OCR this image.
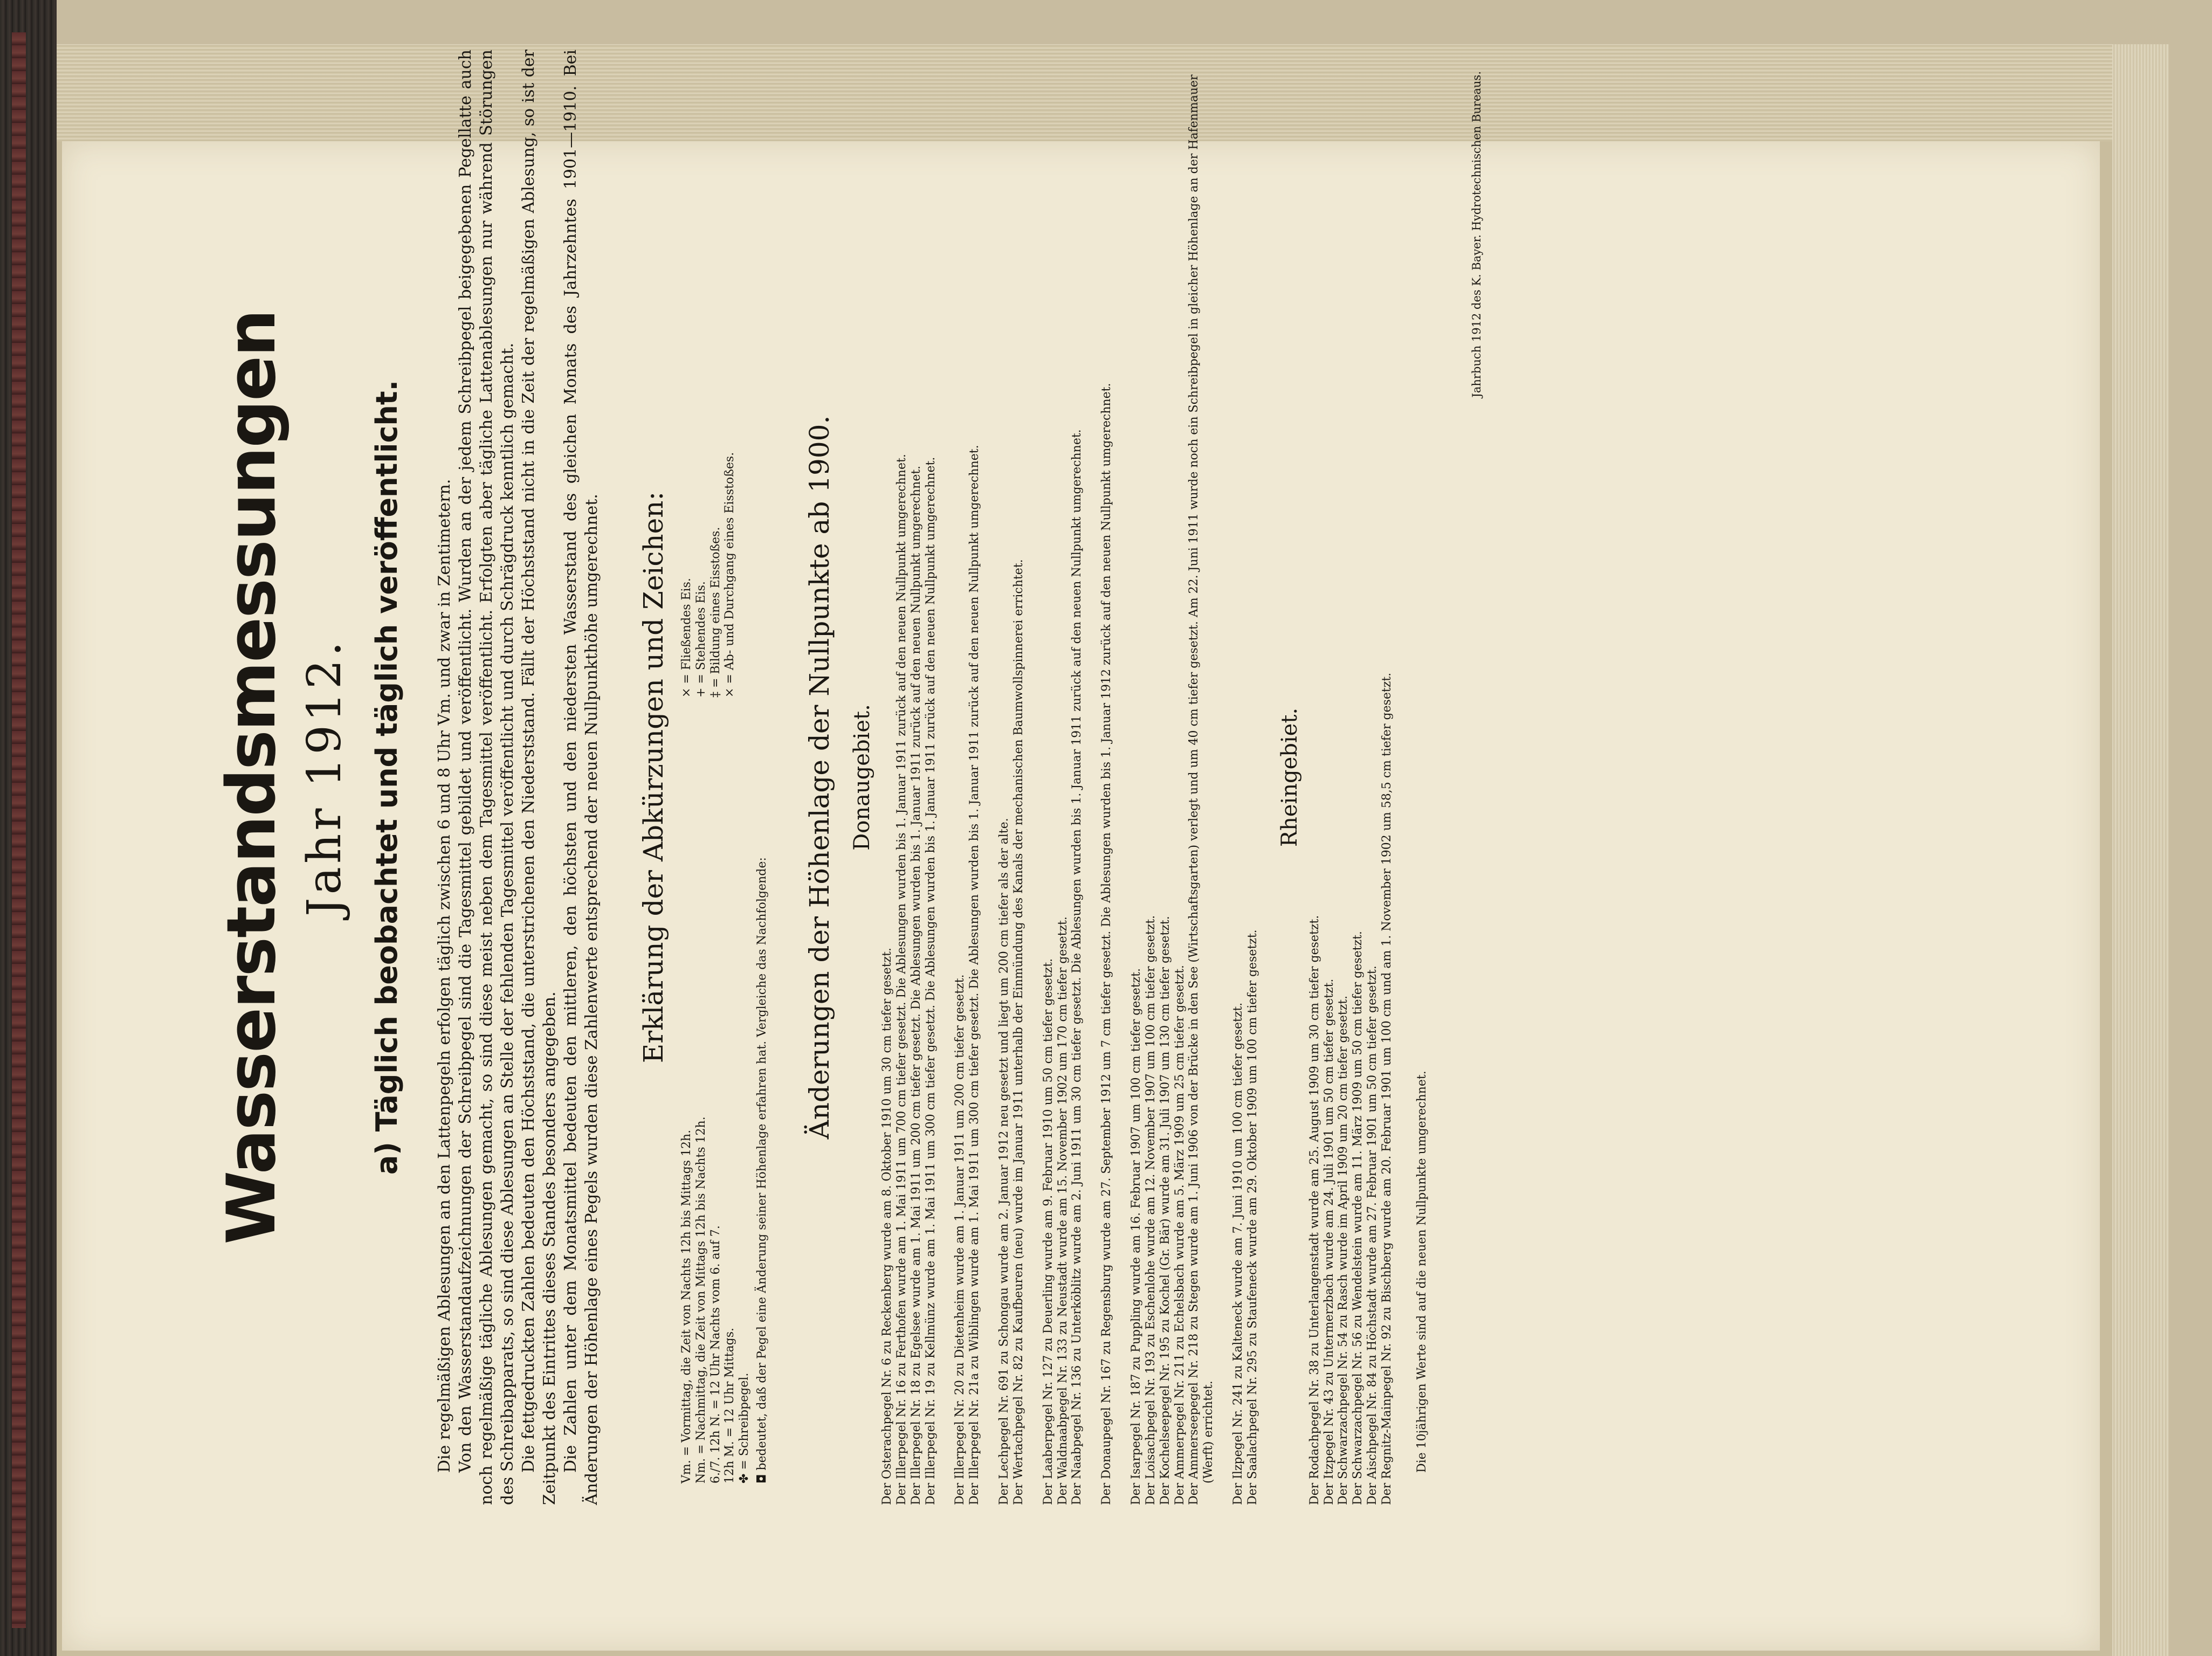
Wasserstandsmessungen Jahr 1912. a) Täglich beobachtet und täglich veröffentlicht. Die regelmäßigen Ablesungen an den Lattenpegeln erfolgen täglich zwischen 6 und 8 Uhr Vm. und zwar in Zentimetern. Von den Wasserstandaufzeichnungen der Schreibpegel sind die Tagesmittel gebildet und veröffentlicht. Wurden an der jedem Schreibpegel beigegebenen Pegellatte auch noch regelmäßige tägliche Ablesungen gemacht, so sind diese meist neben dem Tagesmittel veröffentlicht. Erfolgten aber tägliche Lattenablesungen nur während Störungen des Schreibapparats, so sind diese Ablesungen an Stelle der fehlenden Tagesmittel veröffentlicht und durch Schrägdruck kenntlich gemacht. Die fettgedruckten Zahlen bedeuten den Höchststand, die unterstrichenen den Niederststand. Fällt der Höchststand nicht in die Zeit der regelmäßigen Ablesung, so ist der Zeitpunkt des Eintrittes dieses Standes besonders angegeben. Die Zahlen unter dem Monatsmittel bedeuten den mittleren, den höchsten und den niedersten Wasserstand des gleichen Monats des Jahrzehntes 1901—1910. Bei Änderungen der Höhenlage eines Pegels wurden diese Zahlenwerte entsprechend der neuen Nullpunkthöhe umgerechnet. Erklärung der Abkürzungen und Zeichen:
Vm. = Vormittag, die Zeit von Nachts 12h bis Mittags 12h. Nm. = Nachmittag, die Zeit von Mittags 12h bis Nachts 12h. 6./7. 12h N. = 12 Uhr Nachts vom 6. auf 7. 12h M. = 12 Uhr Mittags. ✤ = Schreibpegel.
× = Fließendes Eis. + = Stehendes Eis. ‡ = Bildung eines Eisstoßes. × = Ab- und Durchgang eines Eisstoßes.
◘ bedeutet, daß der Pegel eine Änderung seiner Höhenlage erfahren hat. Vergleiche das Nachfolgende:
Änderungen der Höhenlage der Nullpunkte ab 1900. Donaugebiet.
Der Osterachpegel Nr. 6 zu Reckenberg wurde am 8. Oktober 1910 um 30 cm tiefer gesetzt. Der Illerpegel Nr. 16 zu Ferthofen wurde am 1. Mai 1911 um 700 cm tiefer gesetzt. Die Ablesungen wurden bis 1. Januar 1911 zurück auf den neuen Nullpunkt umgerechnet. Der Illerpegel Nr. 18 zu Egelsee wurde am 1. Mai 1911 um 200 cm tiefer gesetzt. Die Ablesungen wurden bis 1. Januar 1911 zurück auf den neuen Nullpunkt umgerechnet. Der Illerpegel Nr. 19 zu Kellmünz wurde am 1. Mai 1911 um 300 cm tiefer gesetzt. Die Ablesungen wurden bis 1. Januar 1911 zurück auf den neuen Nullpunkt umgerechnet. Der Illerpegel Nr. 20 zu Dietenheim wurde am 1. Januar 1911 um 200 cm tiefer gesetzt. Der Illerpegel Nr. 21a zu Wiblingen wurde am 1. Mai 1911 um 300 cm tiefer gesetzt. Die Ablesungen wurden bis 1. Januar 1911 zurück auf den neuen Nullpunkt umgerechnet. Der Lechpegel Nr. 691 zu Schongau wurde am 2. Januar 1912 neu gesetzt und liegt um 200 cm tiefer als der alte. Der Wertachpegel Nr. 82 zu Kaufbeuren (neu) wurde im Januar 1911 unterhalb der Einmündung des Kanals der mechanischen Baumwollspinnerei errichtet. Der Laaberpegel Nr. 127 zu Deuerling wurde am 9. Februar 1910 um 50 cm tiefer gesetzt. Der Waldnaabpegel Nr. 133 zu Neustadt wurde am 15. November 1902 um 170 cm tiefer gesetzt. Der Naabpegel Nr. 136 zu Unterköblitz wurde am 2. Juni 1911 um 30 cm tiefer gesetzt. Die Ablesungen wurden bis 1. Januar 1911 zurück auf den neuen Nullpunkt umgerechnet. Der Donaupegel Nr. 167 zu Regensburg wurde am 27. September 1912 um 7 cm tiefer gesetzt. Die Ablesungen wurden bis 1. Januar 1912 zurück auf den neuen Nullpunkt umgerechnet. Der Isarpegel Nr. 187 zu Puppling wurde am 16. Februar 1907 um 100 cm tiefer gesetzt. Der Loisachpegel Nr. 193 zu Eschenlohe wurde am 12. November 1907 um 100 cm tiefer gesetzt. Der Kochelseepegel Nr. 195 zu Kochel (Gr. Bär) wurde am 31. Juli 1907 um 130 cm tiefer gesetzt. Der Ammerpegel Nr. 211 zu Echelsbach wurde am 5. März 1909 um 25 cm tiefer gesetzt. Der Ammerseepegel Nr. 218 zu Stegen wurde am 1. Juni 1906 von der Brücke in den See (Wirtschaftsgarten) verlegt und um 40 cm tiefer gesetzt. Am 22. Juni 1911 wurde noch ein Schreibpegel in gleicher Höhenlage an der Hafenmauer (Werft) errichtet. Der Ilzpegel Nr. 241 zu Kalteneck wurde am 7. Juni 1910 um 100 cm tiefer gesetzt. Der Saalachpegel Nr. 295 zu Staufeneck wurde am 29. Oktober 1909 um 100 cm tiefer gesetzt.
Rheingebiet.
Der Rodachpegel Nr. 38 zu Unterlangenstadt wurde am 25. August 1909 um 30 cm tiefer gesetzt. Der Itzpegel Nr. 43 zu Untermerzbach wurde am 24. Juli 1901 um 50 cm tiefer gesetzt. Der Schwarzachpegel Nr. 54 zu Rasch wurde im April 1909 um 20 cm tiefer gesetzt. Der Schwarzachpegel Nr. 56 zu Wendelstein wurde am 11. März 1909 um 50 cm tiefer gesetzt. Der Aischpegel Nr. 84 zu Höchstadt wurde am 27. Februar 1901 um 50 cm tiefer gesetzt. Der Regnitz-Mainpegel Nr. 92 zu Bischberg wurde am 20. Februar 1901 um 100 cm und am 1. November 1902 um 58,5 cm tiefer gesetzt. Die 10jährigen Werte sind auf die neuen Nullpunkte umgerechnet.
Jahrbuch 1912 des K. Bayer. Hydrotechnischen Bureaus.
